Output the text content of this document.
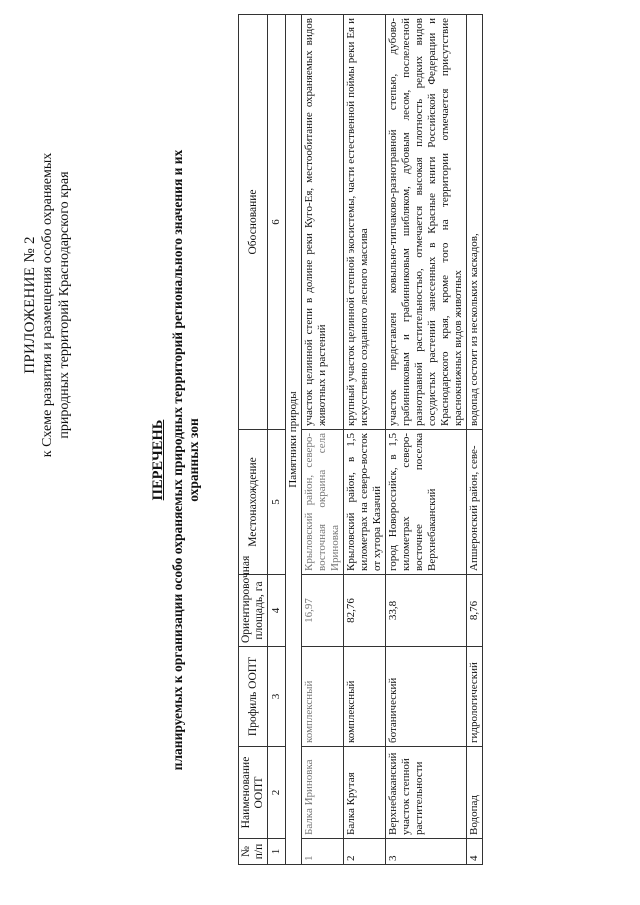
ПРИЛОЖЕНИЕ № 2 к Схеме развития и размещения особо охраняемых природных территорий Краснодарского края
ПЕРЕЧЕНЬ планируемых к организации особо охраняемых природных территорий регионального значения и их охранных зон
№ п/п	Наименование ООПТ	Профиль ООПТ	Ориентировочная площадь, га	Местонахождение	Обоснование
1	2	3	4	5	6
Памятники природы					
1	Балка Ириновка	комплексный	16,97	Крыловский район, северо-восточная окраина села Ириновка	участок целинной степи в долине реки Кугo-Ея, местообитание охраняемых видов животных и растений
2	Балка Крутая	комплексный	82,76	Крыловский район, в 1,5 километрах на северо-восток от хутора Казачий	крупный участок целинной степной экосистемы, части естественной поймы реки Ея и искусственно созданного лесного массива
3	Верхнебаканский участок степной растительности	ботанический	33,8	город Новороссийск, в 1,5 километрах северо-восточнее поселка Верхнебаканский	участок представлен ковыльно-типчаково-разнотравной степью, дубово-грабинниковым и грабинниковым шибляком, дубовым лесом, послелесной разнотравной растительностью, отмечается высокая плотность редких видов сосудистых растений занесенных в Красные книги Российской Федерации и Краснодарского края, кроме того на территории отмечается присутствие краснокнижных видов животных
4	Водопад	гидрологический	8,76	Апшеронский район, севе-	водопад состоит из нескольких каскадов,
